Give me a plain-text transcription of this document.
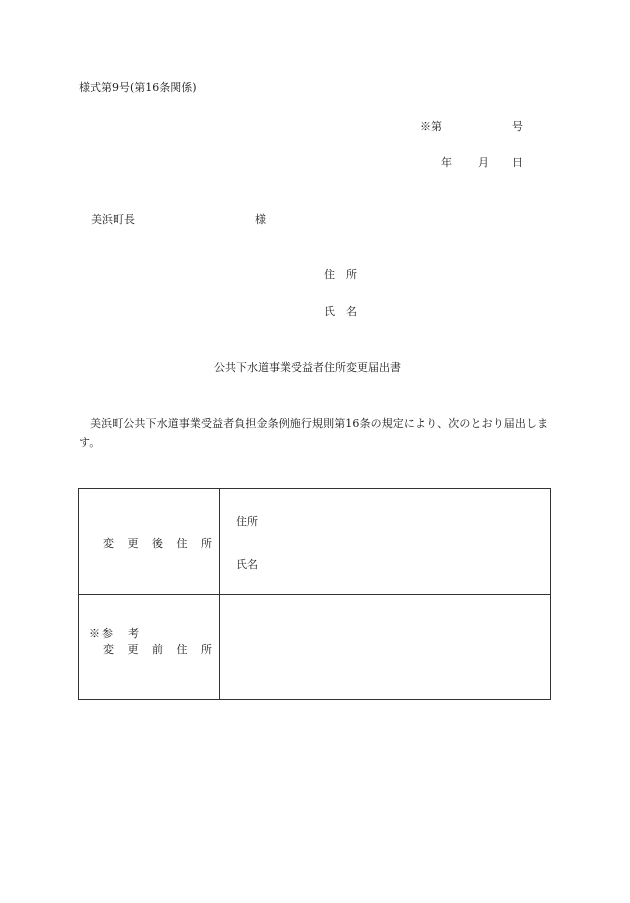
様式第9号(第16条関係)
※第	号
年 月 日
美浜町長	様
住　所
氏　名
公共下水道事業受益者住所変更届出書
美浜町公共下水道事業受益者負担金条例施行規則第16条の規定により、次のとおり届出します。
変 更 後 住 所
住所
氏名
※参　考
変 更 前 住 所
